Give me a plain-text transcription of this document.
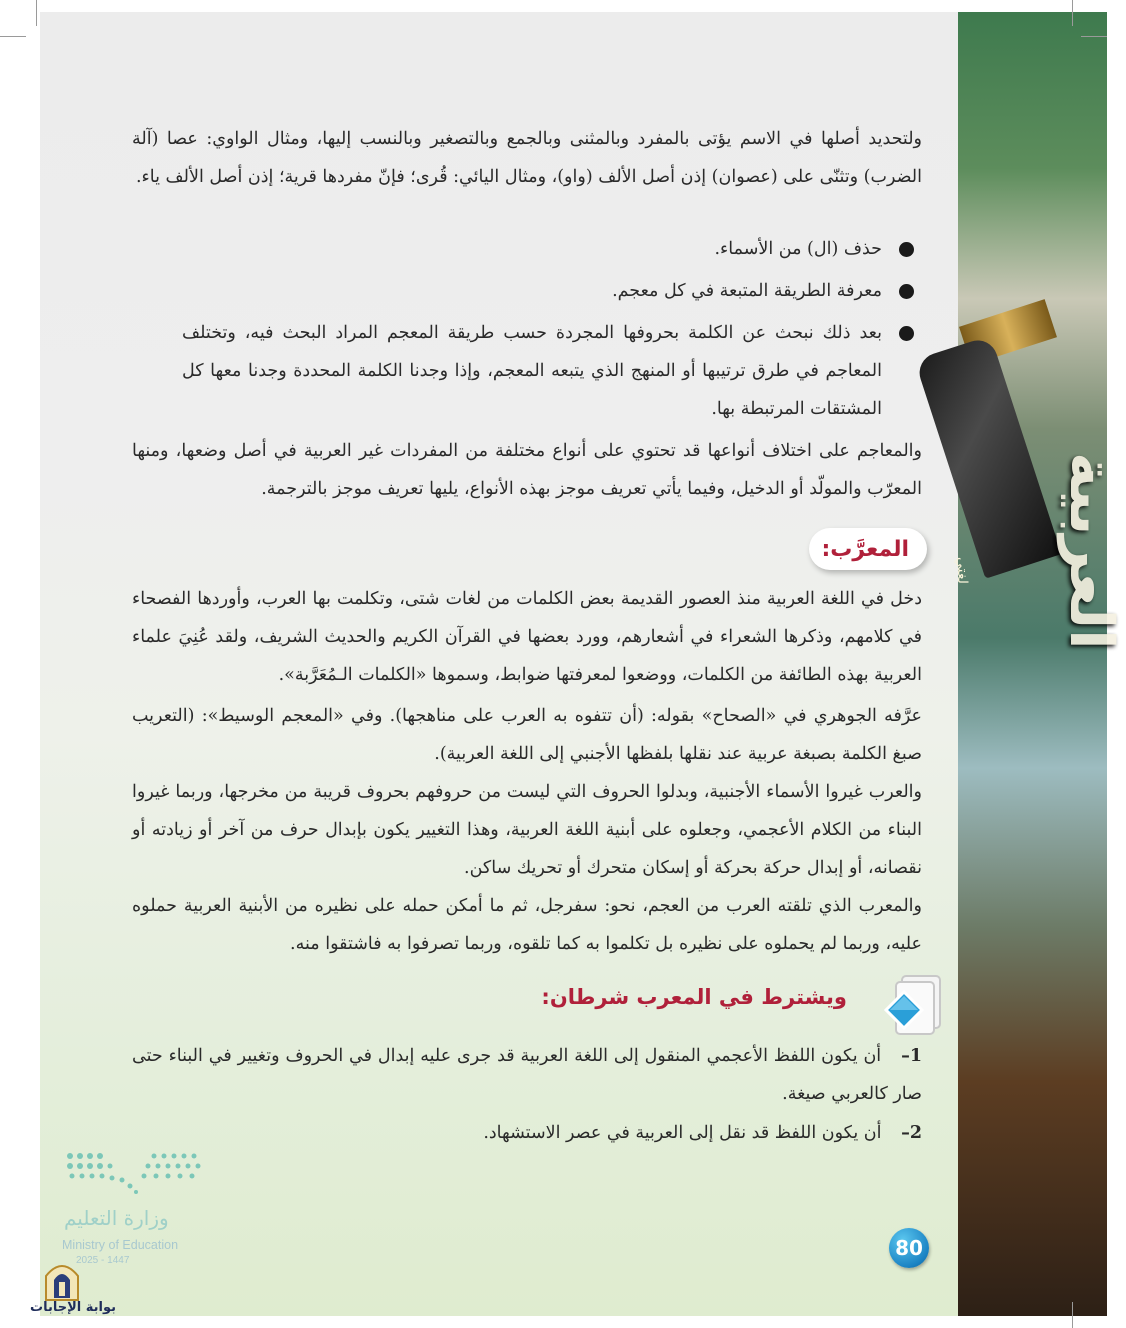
العربية
لغتي

ولتحديد أصلها في الاسم يؤتى بالمفرد وبالمثنى وبالجمع وبالتصغير وبالنسب إليها، ومثال الواوي: عصا (آلة الضرب) وتثنّى على (عصوان) إذن أصل الألف (واو)، ومثال اليائي: قُرى؛ فإنّ مفردها قرية؛ إذن أصل الألف ياء.

حذف (ال) من الأسماء.
معرفة الطريقة المتبعة في كل معجم.
بعد ذلك نبحث عن الكلمة بحروفها المجردة حسب طريقة المعجم المراد البحث فيه، وتختلف المعاجم في طرق ترتيبها أو المنهج الذي يتبعه المعجم، وإذا وجدنا الكلمة المحددة وجدنا معها كل المشتقات المرتبطة بها.

والمعاجم على اختلاف أنواعها قد تحتوي على أنواع مختلفة من المفردات غير العربية في أصل وضعها، ومنها المعرّب والمولّد أو الدخيل، وفيما يأتي تعريف موجز بهذه الأنواع، يليها تعريف موجز بالترجمة.

المعرَّب:

دخل في اللغة العربية منذ العصور القديمة بعض الكلمات من لغات شتى، وتكلمت بها العرب، وأوردها الفصحاء في كلامهم، وذكرها الشعراء في أشعارهم، وورد بعضها في القرآن الكريم والحديث الشريف، ولقد عُنِيَ علماء العربية بهذه الطائفة من الكلمات، ووضعوا لمعرفتها ضوابط، وسموها «الكلمات الـمُعَرَّبة».

عرَّفه الجوهري في «الصحاح» بقوله: (أن تتفوه به العرب على مناهجها). وفي «المعجم الوسيط»: (التعريب صبغ الكلمة بصبغة عربية عند نقلها بلفظها الأجنبي إلى اللغة العربية).

والعرب غيروا الأسماء الأجنبية، وبدلوا الحروف التي ليست من حروفهم بحروف قريبة من مخرجها، وربما غيروا البناء من الكلام الأعجمي، وجعلوه على أبنية اللغة العربية، وهذا التغيير يكون بإبدال حرف من آخر أو زيادته أو نقصانه، أو إبدال حركة بحركة أو إسكان متحرك أو تحريك ساكن.

والمعرب الذي تلقته العرب من العجم، نحو: سفرجل، ثم ما أمكن حمله على نظيره من الأبنية العربية حملوه عليه، وربما لم يحملوه على نظيره بل تكلموا به كما تلقوه، وربما تصرفوا به فاشتقوا منه.

ويشترط في المعرب شرطان:
1– أن يكون اللفظ الأعجمي المنقول إلى اللغة العربية قد جرى عليه إبدال في الحروف وتغيير في البناء حتى صار كالعربي صيغة.
2– أن يكون اللفظ قد نقل إلى العربية في عصر الاستشهاد.
80
وزارة التعليم
Ministry of Education
2025 - 1447
بوابة الإجابات
